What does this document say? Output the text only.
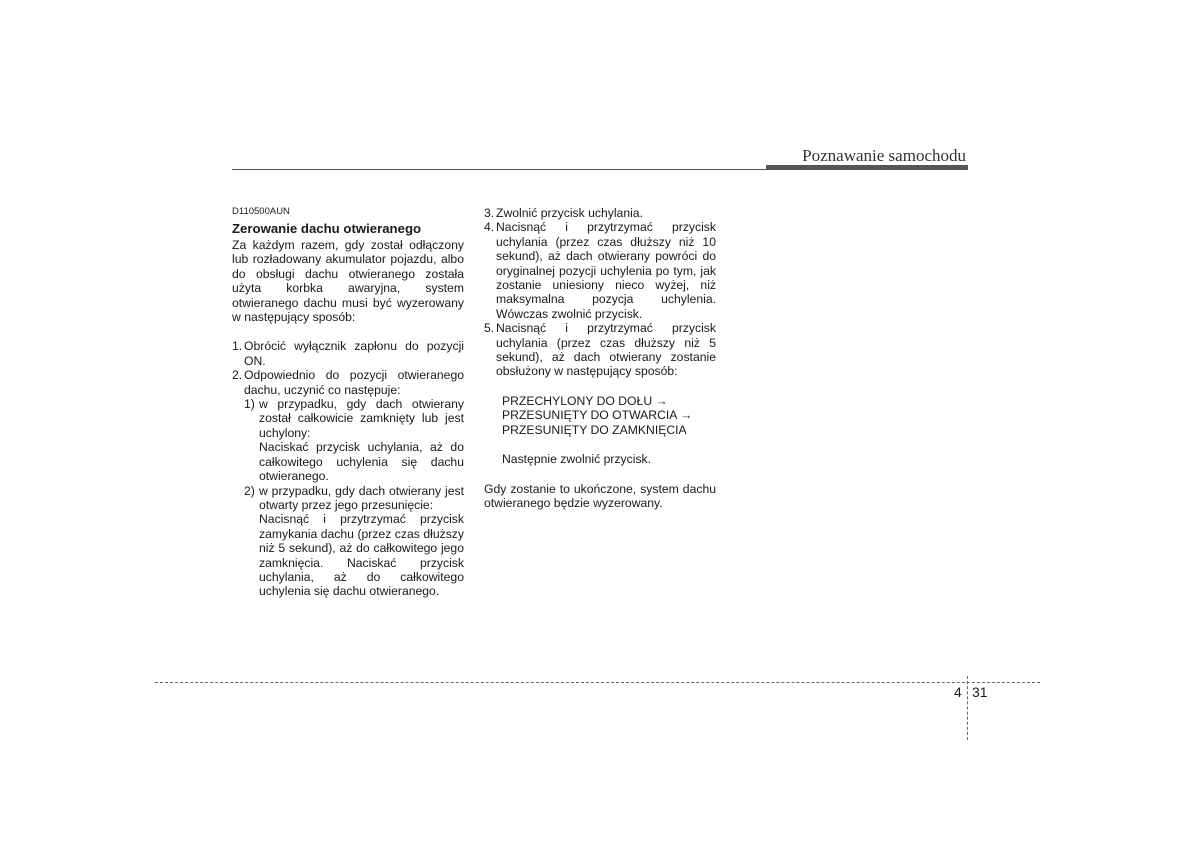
Poznawanie samochodu
D110500AUN
Zerowanie dachu otwieranego
Za każdym razem, gdy został odłączony lub rozładowany akumulator pojazdu, albo do obsługi dachu otwieranego została użyta korbka awaryjna, system otwieranego dachu musi być wyzerowany w następujący sposób:
1. Obrócić wyłącznik zapłonu do pozycji ON.
2. Odpowiednio do pozycji otwieranego dachu, uczynić co następuje:
1) w przypadku, gdy dach otwierany został całkowicie zamknięty lub jest uchylony:
Naciskać przycisk uchylania, aż do całkowitego uchylenia się dachu otwieranego.
2) w przypadku, gdy dach otwierany jest otwarty przez jego przesunięcie:
Nacisnąć i przytrzymać przycisk zamykania dachu (przez czas dłuższy niż 5 sekund), aż do całkowitego jego zamknięcia. Naciskać przycisk uchylania, aż do całkowitego uchylenia się dachu otwieranego.
3. Zwolnić przycisk uchylania.
4. Nacisnąć i przytrzymać przycisk uchylania (przez czas dłuższy niż 10 sekund), aż dach otwierany powróci do oryginalnej pozycji uchylenia po tym, jak zostanie uniesiony nieco wyżej, niż maksymalna pozycja uchylenia. Wówczas zwolnić przycisk.
5. Nacisnąć i przytrzymać przycisk uchylania (przez czas dłuższy niż 5 sekund), aż dach otwierany zostanie obsłużony w następujący sposób:
PRZECHYLONY DO DOŁU →
PRZESUNIĘTY DO OTWARCIA →
PRZESUNIĘTY DO ZAMKNIĘCIA
Następnie zwolnić przycisk.
Gdy zostanie to ukończone, system dachu otwieranego będzie wyzerowany.
4 31
